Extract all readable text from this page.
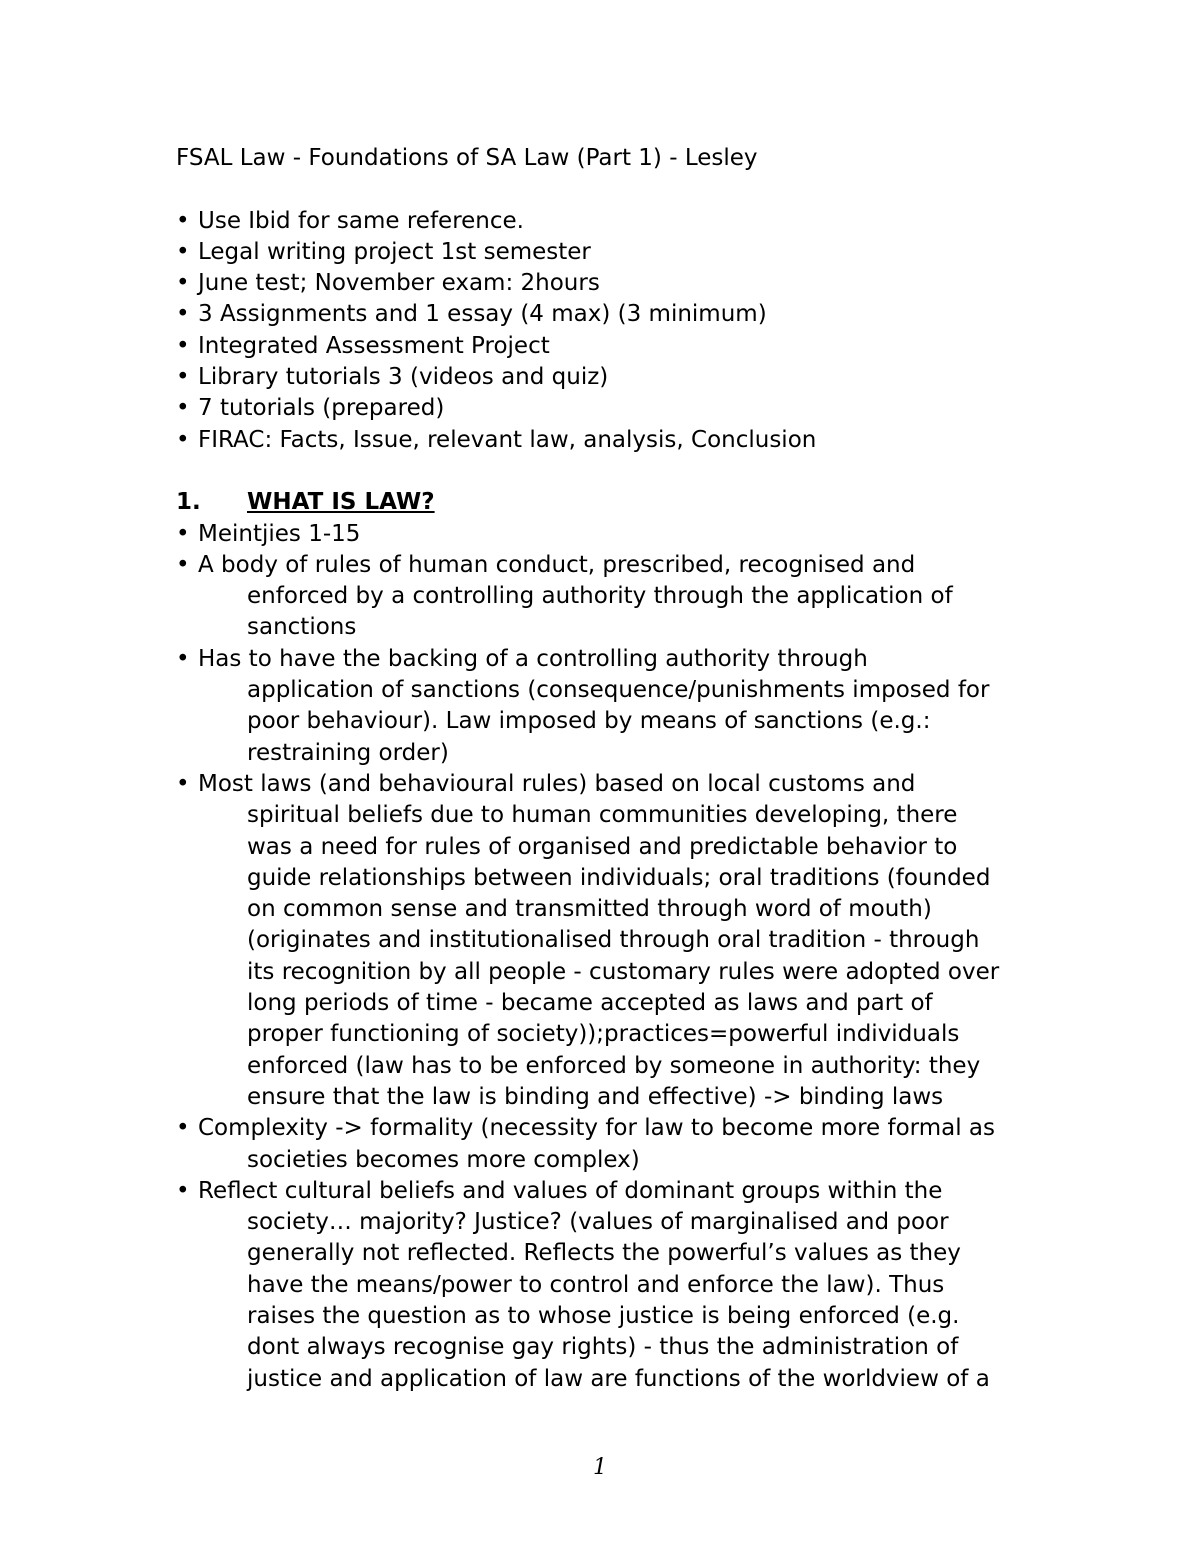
FSAL Law - Foundations of SA Law (Part 1) - Lesley

• Use Ibid for same reference.
• Legal writing project 1st semester
• June test; November exam: 2hours
• 3 Assignments and 1 essay (4 max) (3 minimum)
• Integrated Assessment Project
• Library tutorials 3 (videos and quiz)
• 7 tutorials (prepared)
• FIRAC: Facts, Issue, relevant law, analysis, Conclusion
1. WHAT IS LAW?
• Meintjies 1-15
• A body of rules of human conduct, prescribed, recognised and
enforced by a controlling authority through the application of
sanctions
• Has to have the backing of a controlling authority through
application of sanctions (consequence/punishments imposed for
poor behaviour). Law imposed by means of sanctions (e.g.:
restraining order)
• Most laws (and behavioural rules) based on local customs and
spiritual beliefs due to human communities developing, there
was a need for rules of organised and predictable behavior to
guide relationships between individuals; oral traditions (founded
on common sense and transmitted through word of mouth)
(originates and institutionalised through oral tradition - through
its recognition by all people - customary rules were adopted over
long periods of time - became accepted as laws and part of
proper functioning of society));practices=powerful individuals
enforced (law has to be enforced by someone in authority: they
ensure that the law is binding and effective) -> binding laws
• Complexity -> formality (necessity for law to become more formal as
societies becomes more complex)
• Reflect cultural beliefs and values of dominant groups within the
society… majority? Justice? (values of marginalised and poor
generally not reflected. Reflects the powerful’s values as they
have the means/power to control and enforce the law). Thus
raises the question as to whose justice is being enforced (e.g.
dont always recognise gay rights) - thus the administration of
justice and application of law are functions of the worldview of a
1
